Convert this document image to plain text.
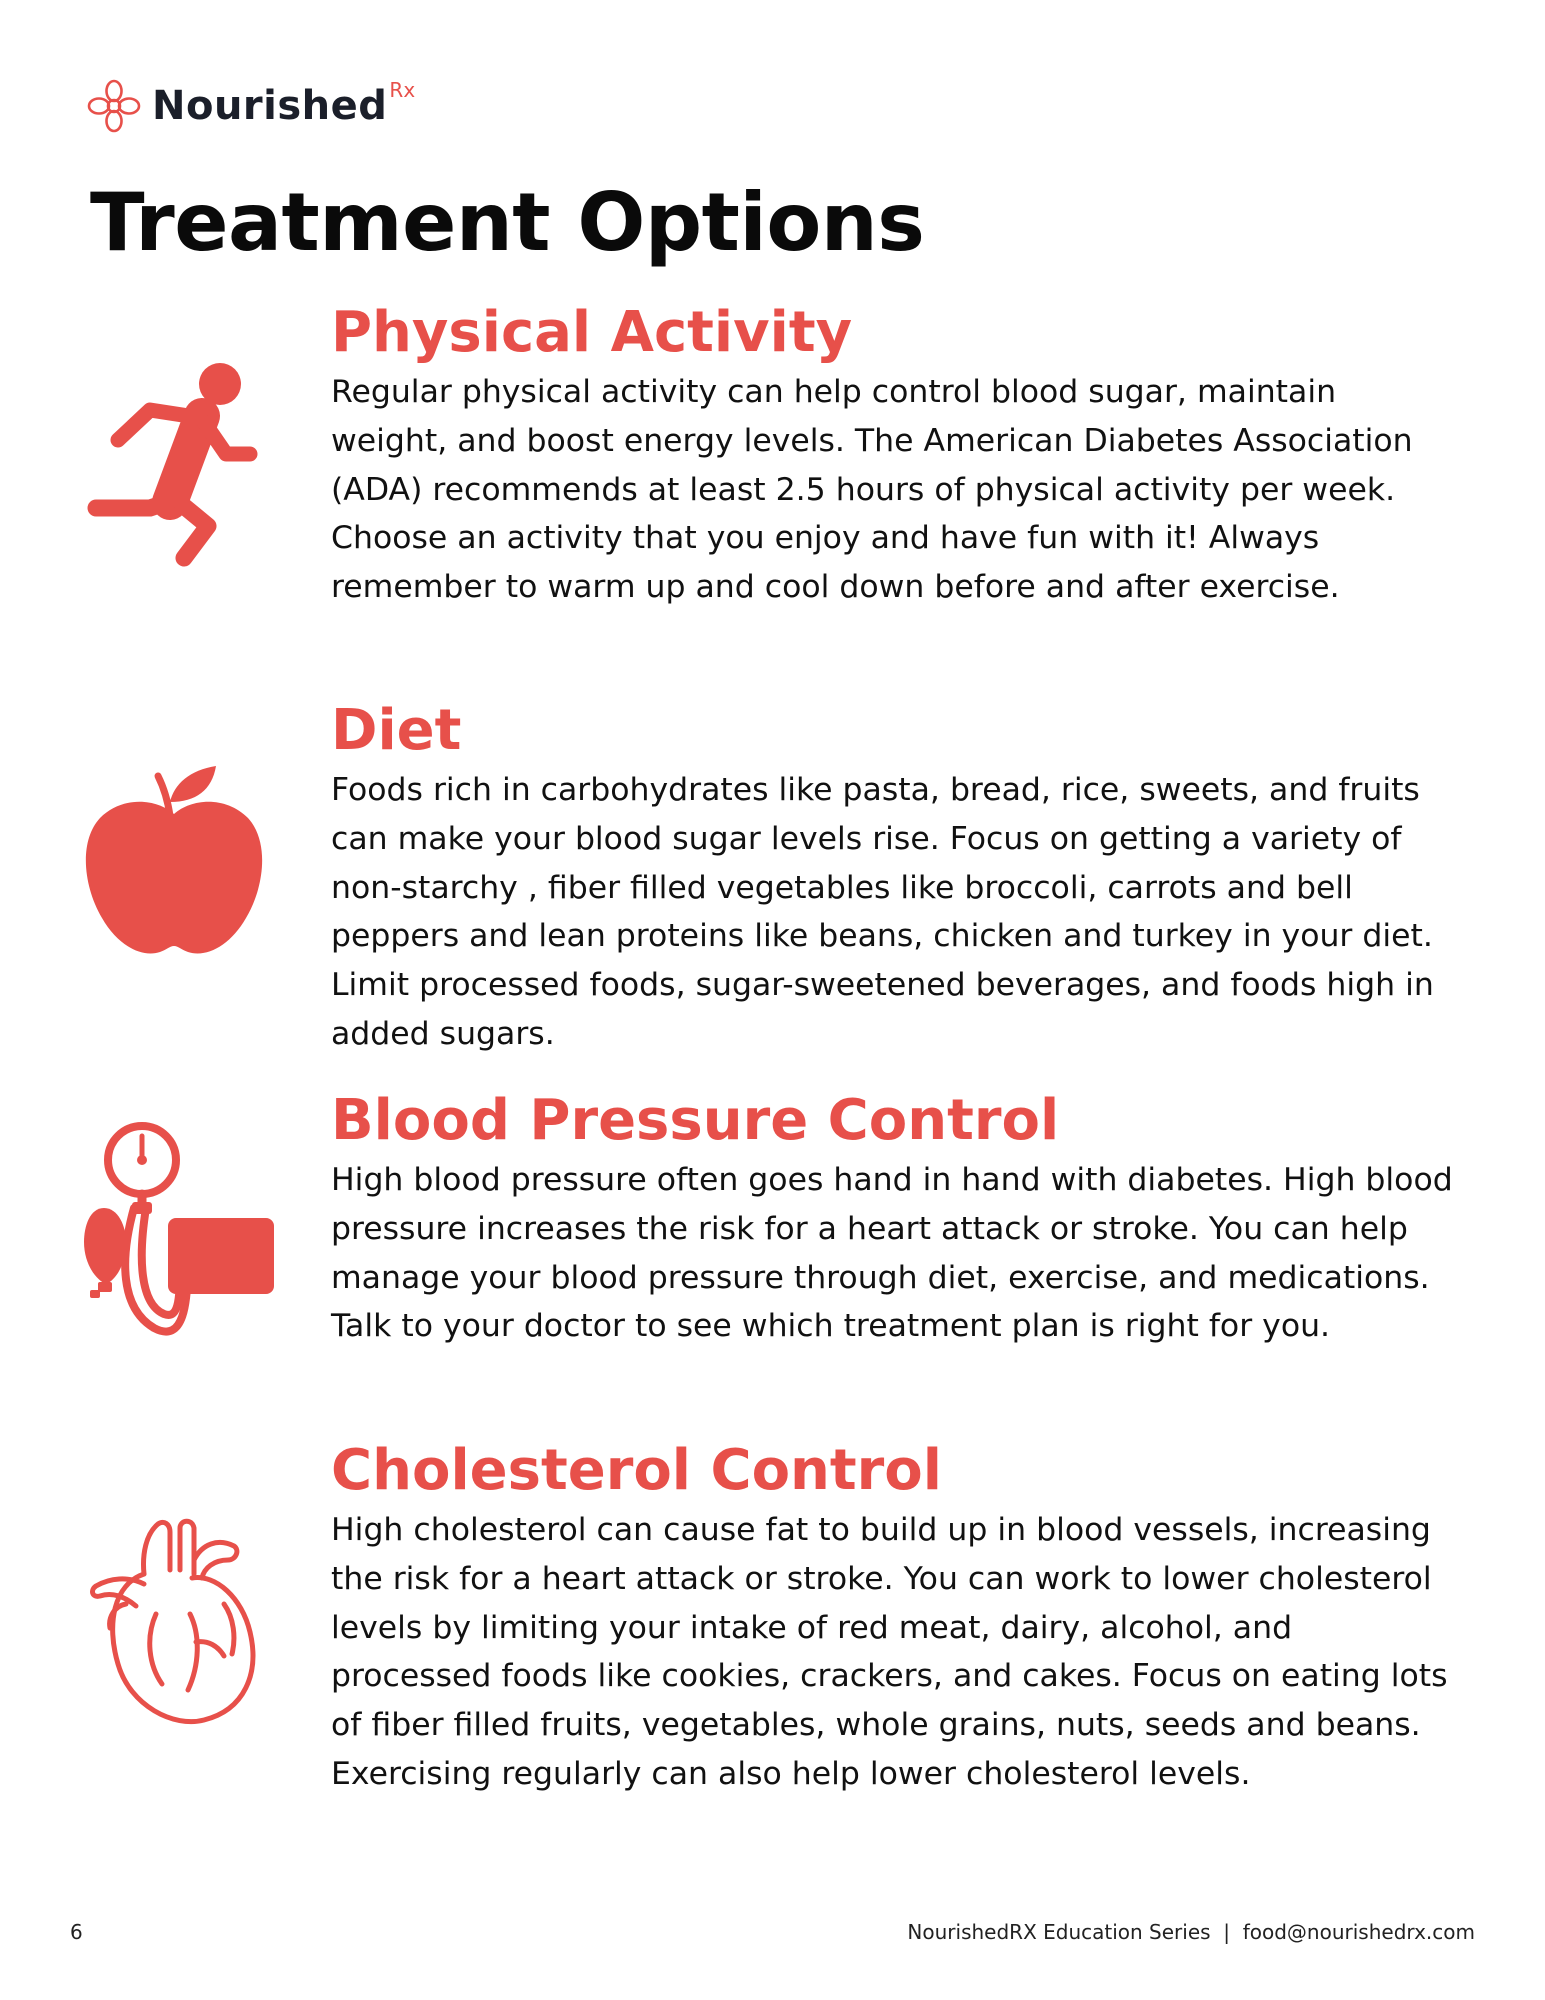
Nourished Rx
Treatment Options
Physical Activity

Regular physical activity can help control blood sugar, maintain weight, and boost energy levels. The American Diabetes Association (ADA) recommends at least 2.5 hours of physical activity per week. Choose an activity that you enjoy and have fun with it! Always remember to warm up and cool down before and after exercise.

Diet

Foods rich in carbohydrates like pasta, bread, rice, sweets, and fruits can make your blood sugar levels rise. Focus on getting a variety of non-starchy , fiber filled vegetables like broccoli, carrots and bell peppers and lean proteins like beans, chicken and turkey in your diet. Limit processed foods, sugar-sweetened beverages, and foods high in added sugars.

Blood Pressure Control

High blood pressure often goes hand in hand with diabetes. High blood pressure increases the risk for a heart attack or stroke. You can help manage your blood pressure through diet, exercise, and medications. Talk to your doctor to see which treatment plan is right for you.

Cholesterol Control

High cholesterol can cause fat to build up in blood vessels, increasing the risk for a heart attack or stroke. You can work to lower cholesterol levels by limiting your intake of red meat, dairy, alcohol, and processed foods like cookies, crackers, and cakes. Focus on eating lots of fiber filled fruits, vegetables, whole grains, nuts, seeds and beans. Exercising regularly can also help lower cholesterol levels.

6	NourishedRX Education Series  |  food@nourishedrx.com
